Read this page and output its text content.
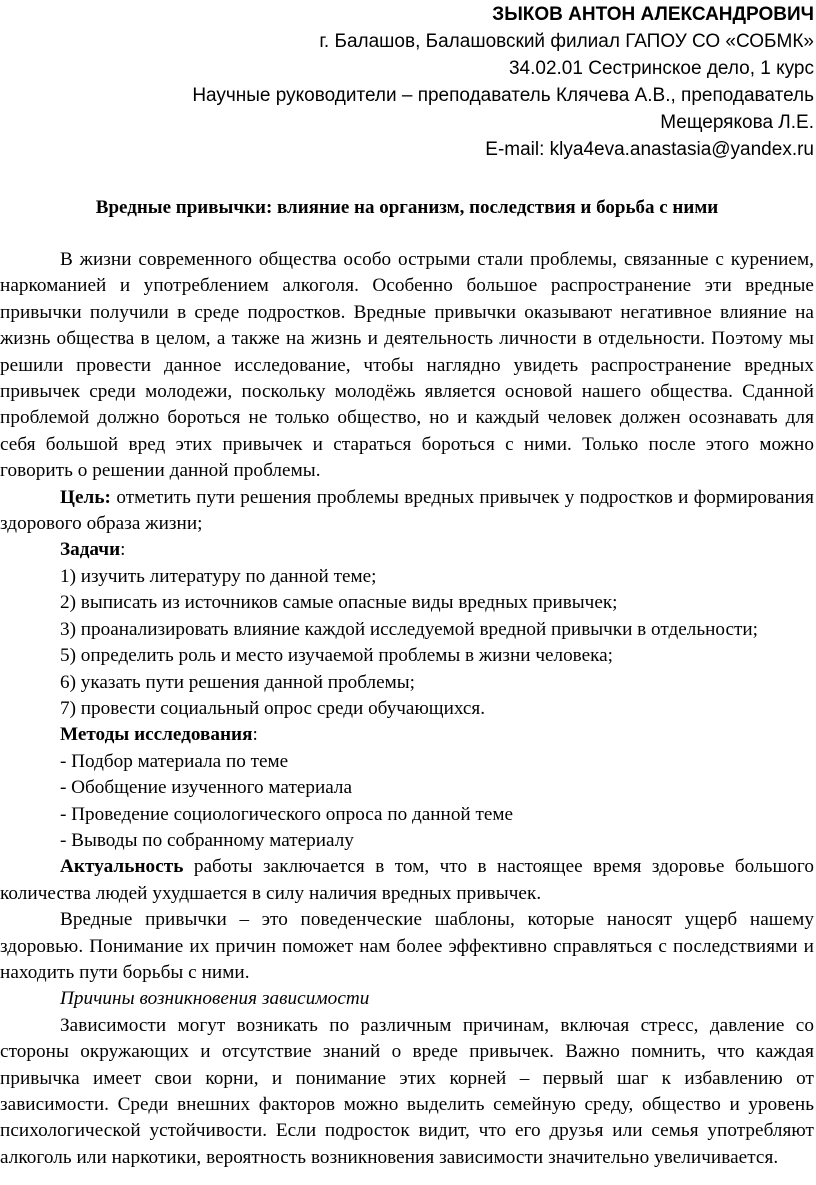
ЗЫКОВ АНТОН АЛЕКСАНДРОВИЧ
г. Балашов, Балашовский филиал ГАПОУ СО «СОБМК»
34.02.01 Сестринское дело, 1 курс
Научные руководители – преподаватель Клячева А.В., преподаватель Мещерякова Л.Е.
E-mail: klya4eva.anastasia@yandex.ru
Вредные привычки: влияние на организм, последствия и борьба с ними

В жизни современного общества особо острыми стали проблемы, связанные с курением, наркоманией и употреблением алкоголя. Особенно большое распространение эти вредные привычки получили в среде подростков. Вредные привычки оказывают негативное влияние на жизнь общества в целом, а также на жизнь и деятельность личности в отдельности. Поэтому мы решили провести данное исследование, чтобы наглядно увидеть распространение вредных привычек среди молодежи, поскольку молодёжь является основой нашего общества. Сданной проблемой должно бороться не только общество, но и каждый человек должен осознавать для себя большой вред этих привычек и стараться бороться с ними. Только после этого можно говорить о решении данной проблемы.

Цель: отметить пути решения проблемы вредных привычек у подростков и формирования здорового образа жизни;

Задачи:

1) изучить литературу по данной теме;

2) выписать из источников самые опасные виды вредных привычек;

3) проанализировать влияние каждой исследуемой вредной привычки в отдельности;

5) определить роль и место изучаемой проблемы в жизни человека;

6) указать пути решения данной проблемы;

7) провести социальный опрос среди обучающихся.

Методы исследования:

- Подбор материала по теме

- Обобщение изученного материала

- Проведение социологического опроса по данной теме

- Выводы по собранному материалу

Актуальность работы заключается в том, что в настоящее время здоровье большого количества людей ухудшается в силу наличия вредных привычек.

Вредные привычки – это поведенческие шаблоны, которые наносят ущерб нашему здоровью. Понимание их причин поможет нам более эффективно справляться с последствиями и находить пути борьбы с ними.

Причины возникновения зависимости

Зависимости могут возникать по различным причинам, включая стресс, давление со стороны окружающих и отсутствие знаний о вреде привычек. Важно помнить, что каждая привычка имеет свои корни, и понимание этих корней – первый шаг к избавлению от зависимости. Среди внешних факторов можно выделить семейную среду, общество и уровень психологической устойчивости. Если подросток видит, что его друзья или семья употребляют алкоголь или наркотики, вероятность возникновения зависимости значительно увеличивается.
